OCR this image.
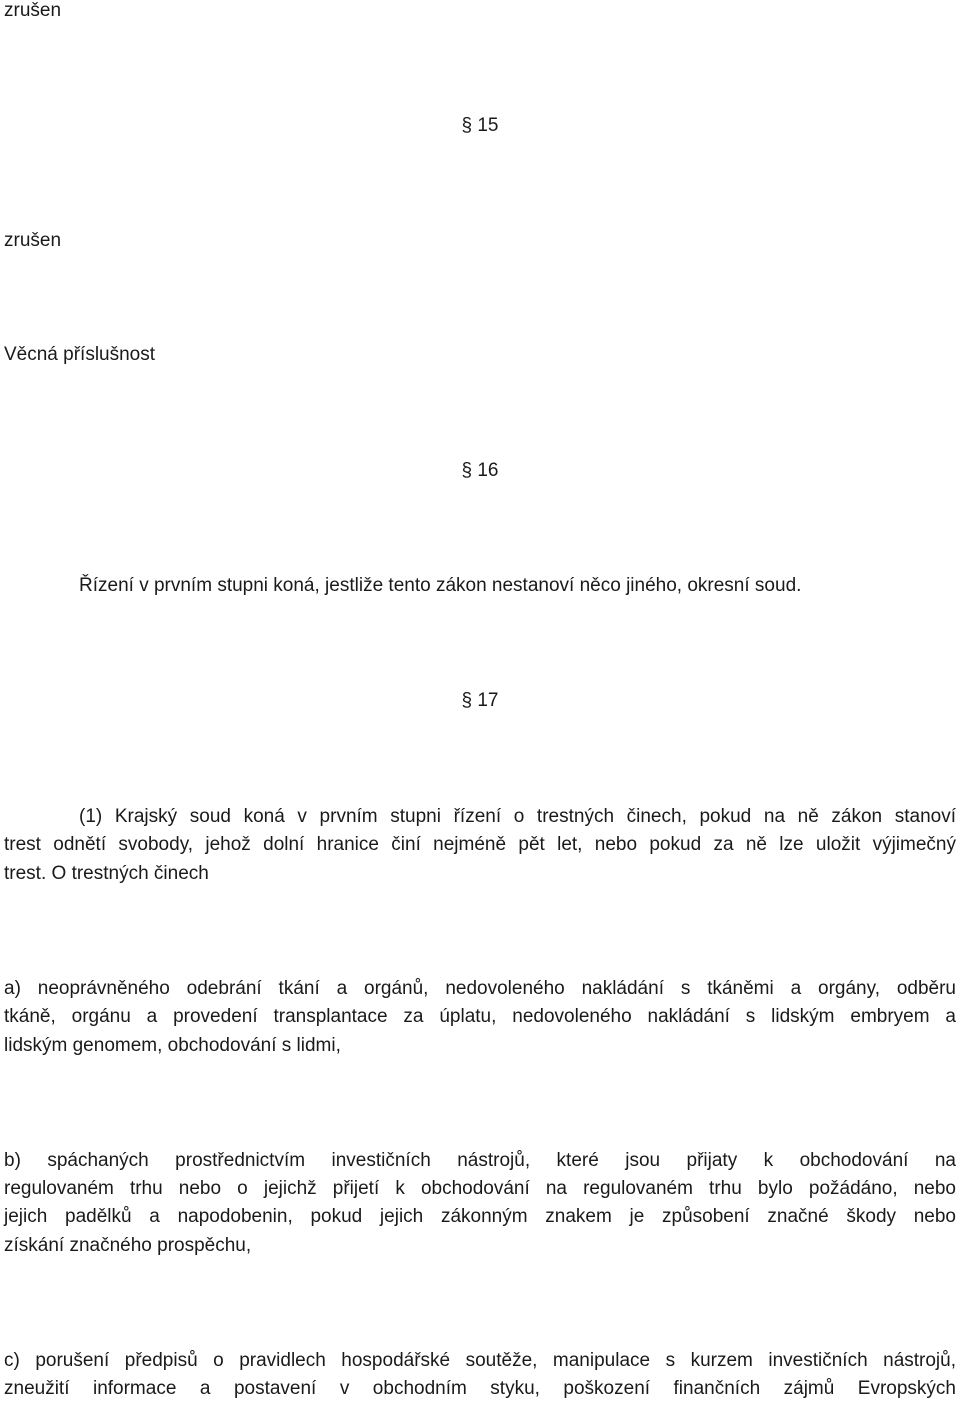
zrušen

§ 15

zrušen

Věcná příslušnost

§ 16

Řízení v prvním stupni koná, jestliže tento zákon nestanoví něco jiného, okresní soud.

§ 17

(1) Krajský soud koná v prvním stupni řízení o trestných činech, pokud na ně zákon stanoví

trest odnětí svobody, jehož dolní hranice činí nejméně pět let, nebo pokud za ně lze uložit výjimečný

trest. O trestných činech

a) neoprávněného odebrání tkání a orgánů, nedovoleného nakládání s tkáněmi a orgány, odběru

tkáně, orgánu a provedení transplantace za úplatu, nedovoleného nakládání s lidským embryem a

lidským genomem, obchodování s lidmi,

b) spáchaných prostřednictvím investičních nástrojů, které jsou přijaty k obchodování na

regulovaném trhu nebo o jejichž přijetí k obchodování na regulovaném trhu bylo požádáno, nebo

jejich padělků a napodobenin, pokud jejich zákonným znakem je způsobení značné škody nebo

získání značného prospěchu,

c) porušení předpisů o pravidlech hospodářské soutěže, manipulace s kurzem investičních nástrojů,

zneužití informace a postavení v obchodním styku, poškození finančních zájmů Evropských
